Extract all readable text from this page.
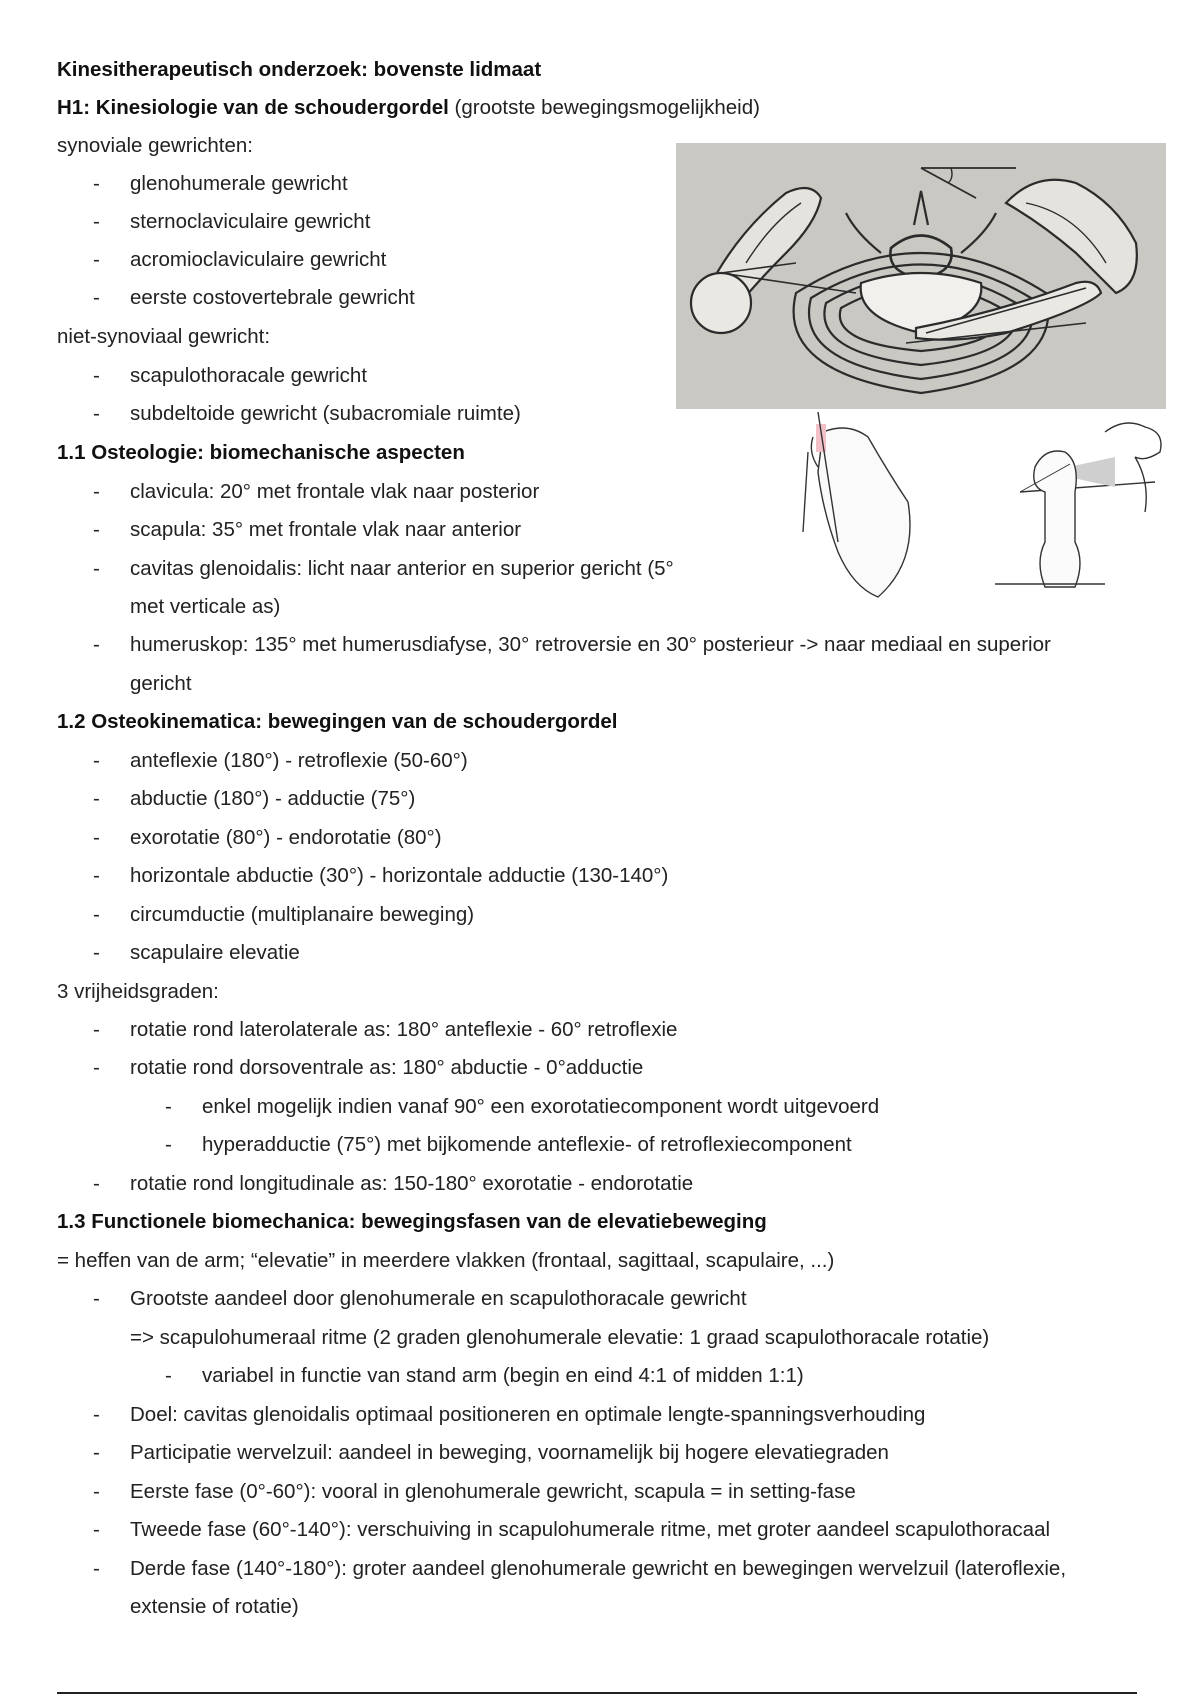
Kinesitherapeutisch onderzoek: bovenste lidmaat
H1: Kinesiologie van de schoudergordel (grootste bewegingsmogelijkheid)
synoviale gewrichten:
-	glenohumerale gewricht
-	sternoclaviculaire gewricht
-	acromioclaviculaire gewricht
-	eerste costovertebrale gewricht
niet-synoviaal gewricht:
-	scapulothoracale gewricht
-	subdeltoide gewricht (subacromiale ruimte)
1.1 Osteologie: biomechanische aspecten
-	clavicula: 20° met frontale vlak naar posterior
-	scapula: 35° met frontale vlak naar anterior
-	cavitas glenoidalis: licht naar anterior en superior gericht (5°
met verticale as)
-	humeruskop: 135° met humerusdiafyse, 30° retroversie en 30° posterieur -> naar mediaal en superior
gericht
1.2 Osteokinematica: bewegingen van de schoudergordel
-	anteflexie (180°) - retroflexie (50-60°)
-	abductie (180°) - adductie (75°)
-	exorotatie (80°) - endorotatie (80°)
-	horizontale abductie (30°) - horizontale adductie (130-140°)
-	circumductie (multiplanaire beweging)
-	scapulaire elevatie
3 vrijheidsgraden:
-	rotatie rond laterolaterale as: 180° anteflexie - 60° retroflexie
-	rotatie rond dorsoventrale as: 180° abductie - 0°adductie
-	enkel mogelijk indien vanaf 90° een exorotatiecomponent wordt uitgevoerd
-	hyperadductie (75°) met bijkomende anteflexie- of retroflexiecomponent
-	rotatie rond longitudinale as: 150-180° exorotatie - endorotatie
1.3 Functionele biomechanica: bewegingsfasen van de elevatiebeweging
= heffen van de arm; “elevatie” in meerdere vlakken (frontaal, sagittaal, scapulaire, ...)
-	Grootste aandeel door glenohumerale en scapulothoracale gewricht
=> scapulohumeraal ritme (2 graden glenohumerale elevatie: 1 graad scapulothoracale rotatie)
-	variabel in functie van stand arm (begin en eind 4:1 of midden 1:1)
-	Doel: cavitas glenoidalis optimaal positioneren en optimale lengte-spanningsverhouding
-	Participatie wervelzuil: aandeel in beweging, voornamelijk bij hogere elevatiegraden
-	Eerste fase (0°-60°): vooral in glenohumerale gewricht, scapula = in setting-fase
-	Tweede fase (60°-140°): verschuiving in scapulohumerale ritme, met groter aandeel scapulothoracaal
-	Derde fase (140°-180°): groter aandeel glenohumerale gewricht en bewegingen wervelzuil (lateroflexie,
extensie of rotatie)
